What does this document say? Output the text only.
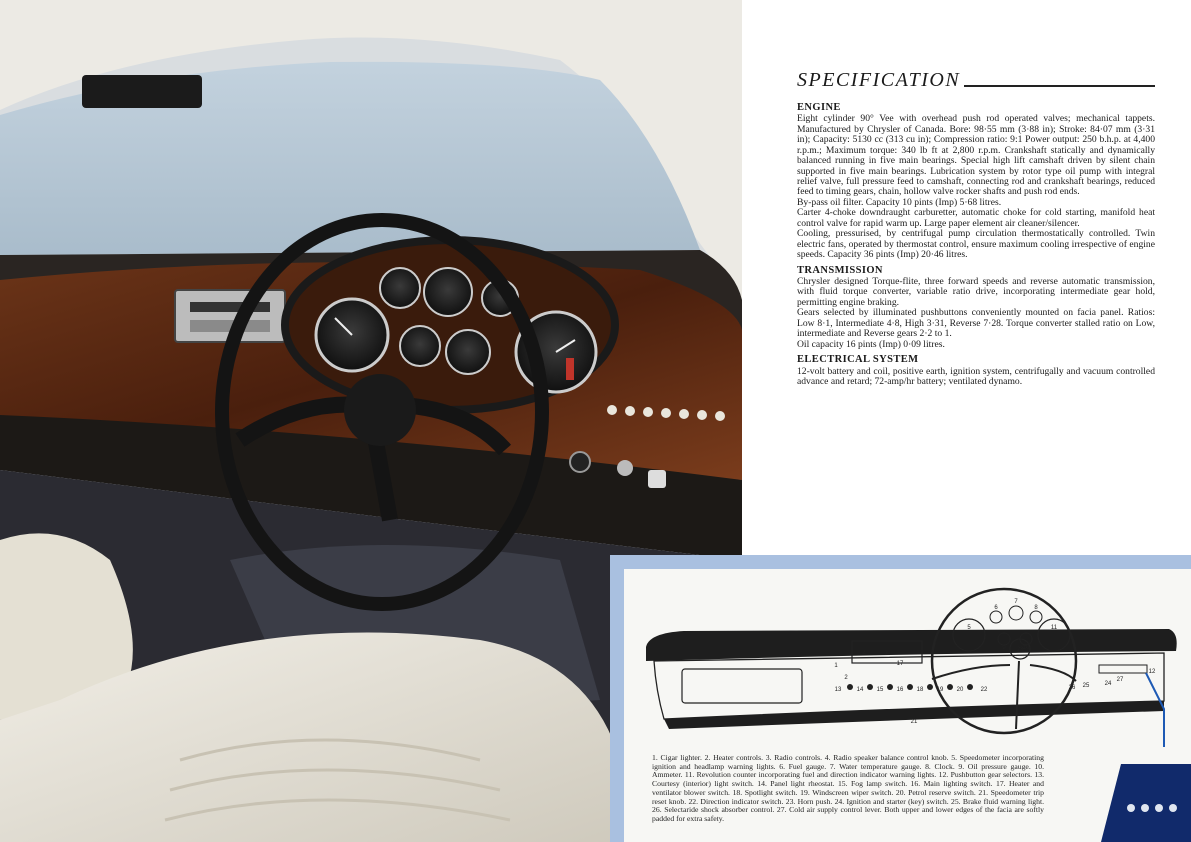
SPECIFICATION
ENGINE

Eight cylinder 90° Vee with overhead push rod operated valves; mechanical tappets. Manufactured by Chrysler of Canada. Bore: 98·55 mm (3·88 in); Stroke: 84·07 mm (3·31 in); Capacity: 5130 cc (313 cu in); Compression ratio: 9:1 Power output: 250 b.h.p. at 4,400 r.p.m.; Maximum torque: 340 lb ft at 2,800 r.p.m. Crankshaft statically and dynamically balanced running in five main bearings. Special high lift camshaft driven by silent chain supported in five main bearings. Lubrication system by rotor type oil pump with integral relief valve, full pressure feed to camshaft, connecting rod and crankshaft bearings, reduced feed to timing gears, chain, hollow valve rocker shafts and push rod ends.

By-pass oil filter. Capacity 10 pints (Imp) 5·68 litres.

Carter 4-choke downdraught carburetter, automatic choke for cold starting, manifold heat control valve for rapid warm up. Large paper element air cleaner/silencer.

Cooling, pressurised, by centrifugal pump circulation thermostatically controlled. Twin electric fans, operated by thermostat control, ensure maximum cooling irrespective of engine speeds. Capacity 36 pints (Imp) 20·46 litres.

TRANSMISSION

Chrysler designed Torque-flite, three forward speeds and reverse automatic transmission, with fluid torque converter, variable ratio drive, incorporating intermediate gear hold, permitting engine braking.

Gears selected by illuminated pushbuttons conveniently mounted on facia panel. Ratios: Low 8·1, Intermediate 4·8, High 3·31, Reverse 7·28. Torque converter stalled ratio on Low, intermediate and Reverse gears 2·2 to 1.

Oil capacity 16 pints (Imp) 0·09 litres.

ELECTRICAL SYSTEM

12-volt battery and coil, positive earth, ignition system, centrifugally and vacuum controlled advance and retard; 72-amp/hr battery; ventilated dynamo.

1
2
3
4
5
6
7
8
9	10
11
12
13	14 15 16
17
18 19 20
21
22
23
24
25
26
27
1. Cigar lighter. 2. Heater controls. 3. Radio controls. 4. Radio speaker balance control knob. 5. Speedometer incorporating ignition and headlamp warning lights. 6. Fuel gauge. 7. Water temperature gauge. 8. Clock. 9. Oil pressure gauge. 10. Ammeter. 11. Revolution counter incorporating fuel and direction indicator warning lights. 12. Pushbutton gear selectors. 13. Courtesy (interior) light switch. 14. Panel light rheostat. 15. Fog lamp switch. 16. Main lighting switch. 17. Heater and ventilator blower switch. 18. Spotlight switch. 19. Windscreen wiper switch. 20. Petrol reserve switch. 21. Speedometer trip reset knob. 22. Direction indicator switch. 23. Horn push. 24. Ignition and starter (key) switch. 25. Brake fluid warning light. 26. Selectaride shock absorber control. 27. Cold air supply control lever. Both upper and lower edges of the facia are softly padded for extra safety.
